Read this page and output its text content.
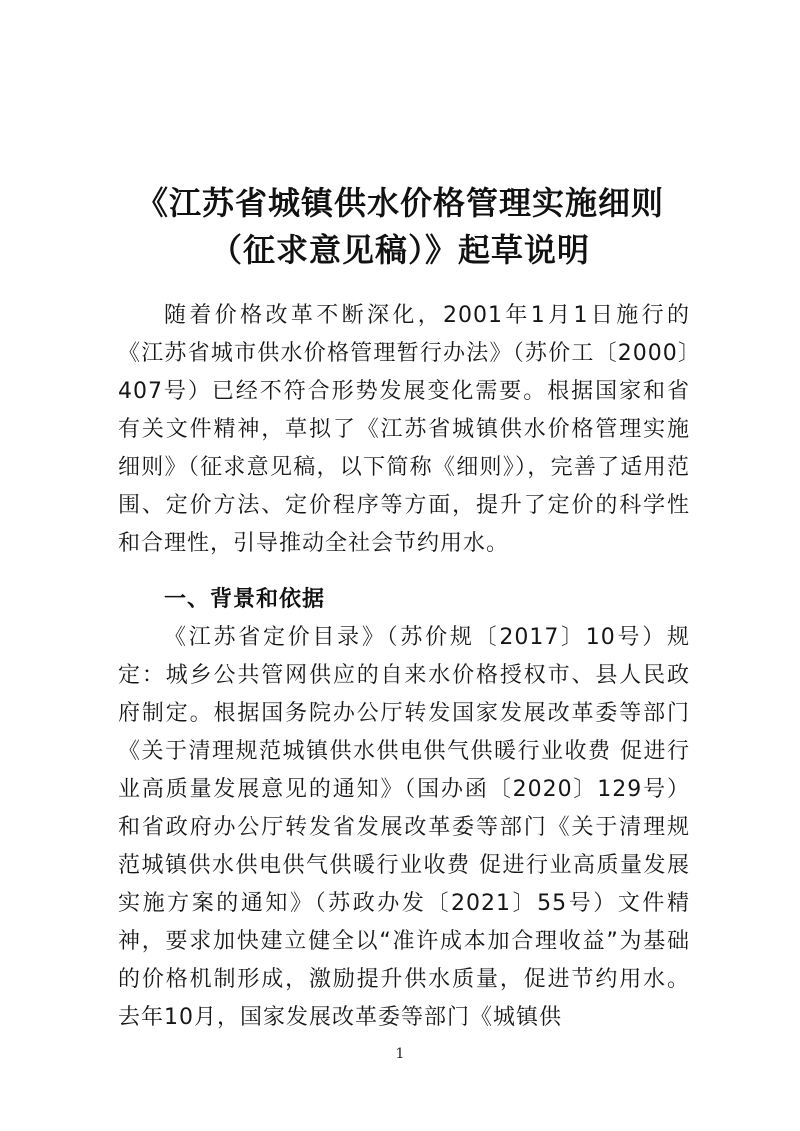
《江苏省城镇供水价格管理实施细则
（征求意见稿）》起草说明

随着价格改革不断深化，2001年1月1日施行的《江苏省城市供水价格管理暂行办法》（苏价工〔2000〕407号）已经不符合形势发展变化需要。根据国家和省有关文件精神，草拟了《江苏省城镇供水价格管理实施细则》（征求意见稿，以下简称《细则》），完善了适用范围、定价方法、定价程序等方面，提升了定价的科学性和合理性，引导推动全社会节约用水。

一、背景和依据

《江苏省定价目录》（苏价规〔2017〕10号）规定：城乡公共管网供应的自来水价格授权市、县人民政府制定。根据国务院办公厅转发国家发展改革委等部门《关于清理规范城镇供水供电供气供暖行业收费 促进行业高质量发展意见的通知》（国办函〔2020〕129号）和省政府办公厅转发省发展改革委等部门《关于清理规范城镇供水供电供气供暖行业收费 促进行业高质量发展实施方案的通知》（苏政办发〔2021〕55号）文件精神，要求加快建立健全以“准许成本加合理收益”为基础的价格机制形成，激励提升供水质量，促进节约用水。去年10月，国家发展改革委等部门《城镇供

1
